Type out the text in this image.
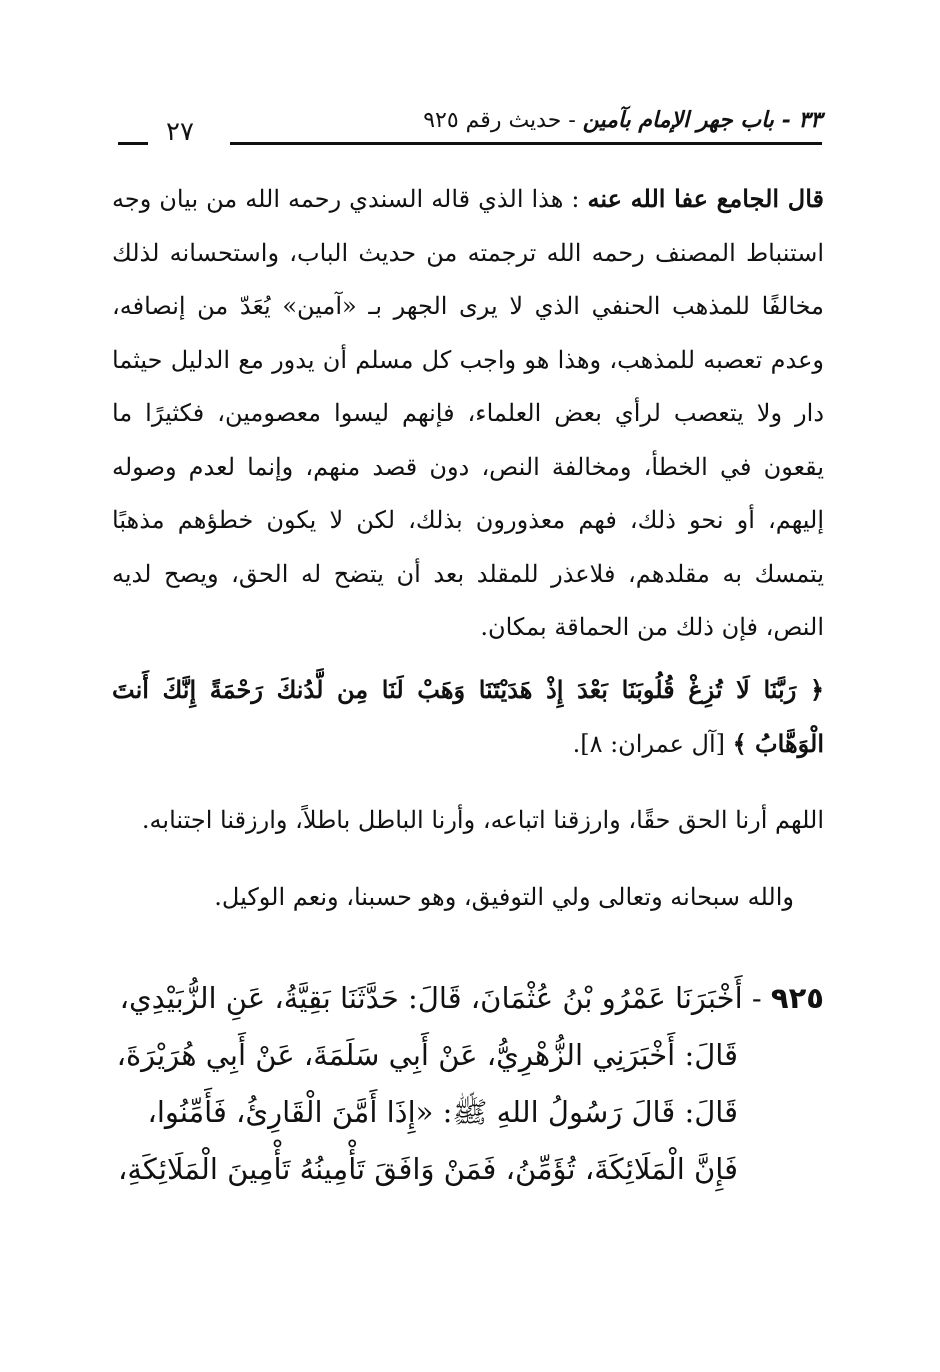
٣٣ - باب جهر الإمام بآمين - حديث رقم ٩٢٥
٢٧

قال الجامع عفا الله عنه : هذا الذي قاله السندي رحمه الله من بيان وجه استنباط المصنف رحمه الله ترجمته من حديث الباب، واستحسانه لذلك مخالفًا للمذهب الحنفي الذي لا يرى الجهر بـ «آمين» يُعَدّ من إنصافه، وعدم تعصبه للمذهب، وهذا هو واجب كل مسلم أن يدور مع الدليل حيثما دار ولا يتعصب لرأي بعض العلماء، فإنهم ليسوا معصومين، فكثيرًا ما يقعون في الخطأ، ومخالفة النص، دون قصد منهم، وإنما لعدم وصوله إليهم، أو نحو ذلك، فهم معذورون بذلك، لكن لا يكون خطؤهم مذهبًا يتمسك به مقلدهم، فلاعذر للمقلد بعد أن يتضح له الحق، ويصح لديه النص، فإن ذلك من الحماقة بمكان.

﴿ رَبَّنَا لَا تُزِغْ قُلُوبَنَا بَعْدَ إِذْ هَدَيْتَنَا وَهَبْ لَنَا مِن لَّدُنكَ رَحْمَةً إِنَّكَ أَنتَ الْوَهَّابُ ﴾ [آل عمران: ٨].

اللهم أرنا الحق حقًا، وارزقنا اتباعه، وأرنا الباطل باطلاً، وارزقنا اجتنابه.

والله سبحانه وتعالى ولي التوفيق، وهو حسبنا، ونعم الوكيل.

٩٢٥ - أَخْبَرَنَا عَمْرُو بْنُ عُثْمَانَ، قَالَ: حَدَّثَنَا بَقِيَّةُ، عَنِ الزُّبَيْدِي،
قَالَ: أَخْبَرَنِي الزُّهْرِيُّ، عَنْ أَبِي سَلَمَةَ، عَنْ أَبِي هُرَيْرَةَ،
قَالَ: قَالَ رَسُولُ اللهِ ﷺ: «إِذَا أَمَّنَ الْقَارِئُ، فَأَمِّنُوا،
فَإِنَّ الْمَلَائِكَةَ، تُؤَمِّنُ، فَمَنْ وَافَقَ تَأْمِينُهُ تَأْمِينَ الْمَلَائِكَةِ،
